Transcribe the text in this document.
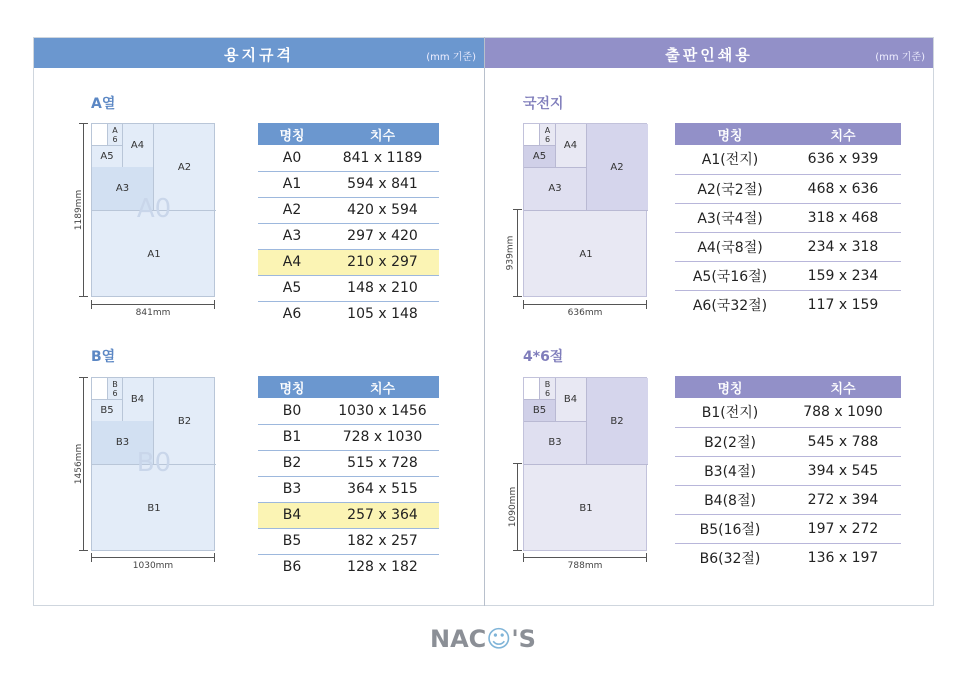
용지규격	(mm 기준)	출판인쇄용	(mm 기준)
A열
A
6
A5
A4
A3
A2
A1
A0
1189mm
841mm
명칭	치수
A0	841 x 1189
A1	594 x 841
A2	420 x 594
A3	297 x 420
A4	210 x 297
A5	148 x 210
A6	105 x 148
B열
B
6
B5
B4
B3
B2
B1
B0
1456mm
1030mm
명칭	치수
B0	1030 x 1456
B1	728 x 1030
B2	515 x 728
B3	364 x 515
B4	257 x 364
B5	182 x 257
B6	128 x 182
국전지
A
6
A5
A4
A3
A2
A1
939mm
636mm
명칭	치수
A1(전지)	636 x 939
A2(국2절)	468 x 636
A3(국4절)	318 x 468
A4(국8절)	234 x 318
A5(국16절)	159 x 234
A6(국32절)	117 x 159
4*6절
B
6
B5
B4
B3
B2
B1
1090mm
788mm
명칭	치수
B1(전지)	788 x 1090
B2(2절)	545 x 788
B3(4절)	394 x 545
B4(8절)	272 x 394
B5(16절)	197 x 272
B6(32절)	136 x 197
NAC☺'S
